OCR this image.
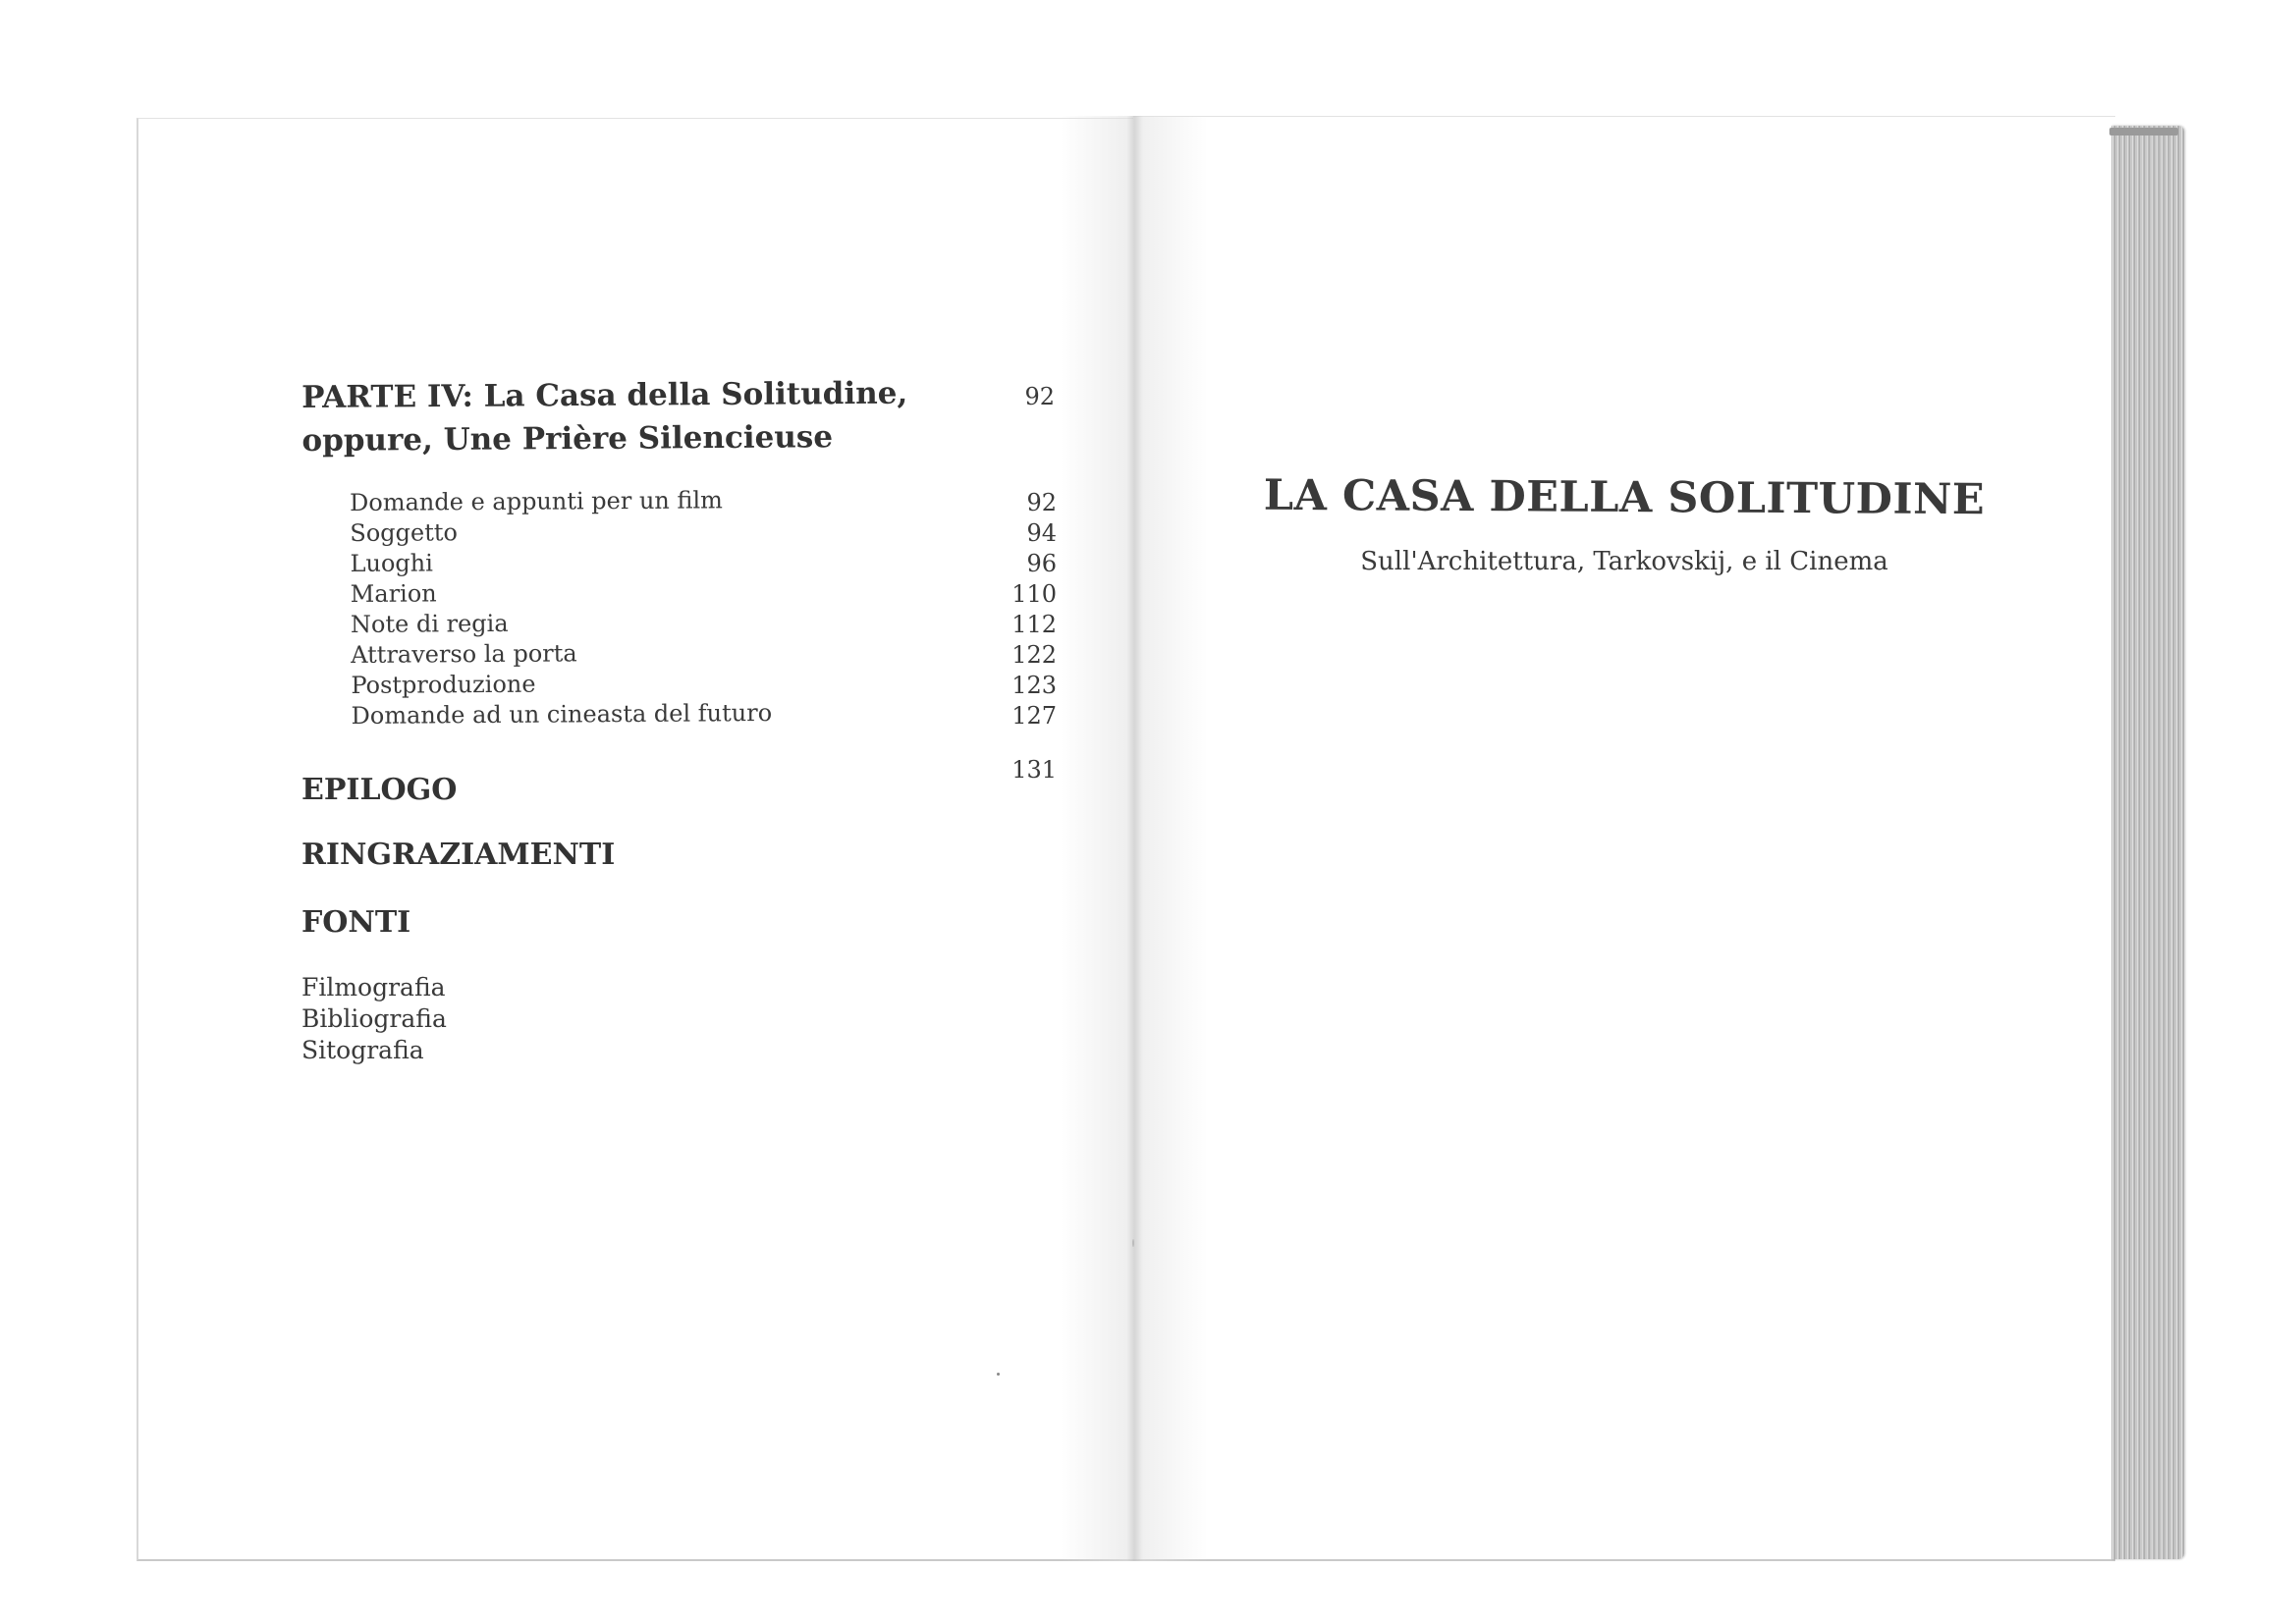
PARTE IV: La Casa della Solitudine,
oppure, Une Prière Silencieuse
92
Domande e appunti per un film
Soggetto
Luoghi
Marion
Note di regia
Attraverso la porta
Postproduzione
Domande ad un cineasta del futuro
92
94
96
110
112
122
123
127
131
EPILOGO
RINGRAZIAMENTI
FONTI
Filmografia
Bibliografia
Sitografia
LA CASA DELLA SOLITUDINE

Sull'Architettura, Tarkovskij, e il Cinema
